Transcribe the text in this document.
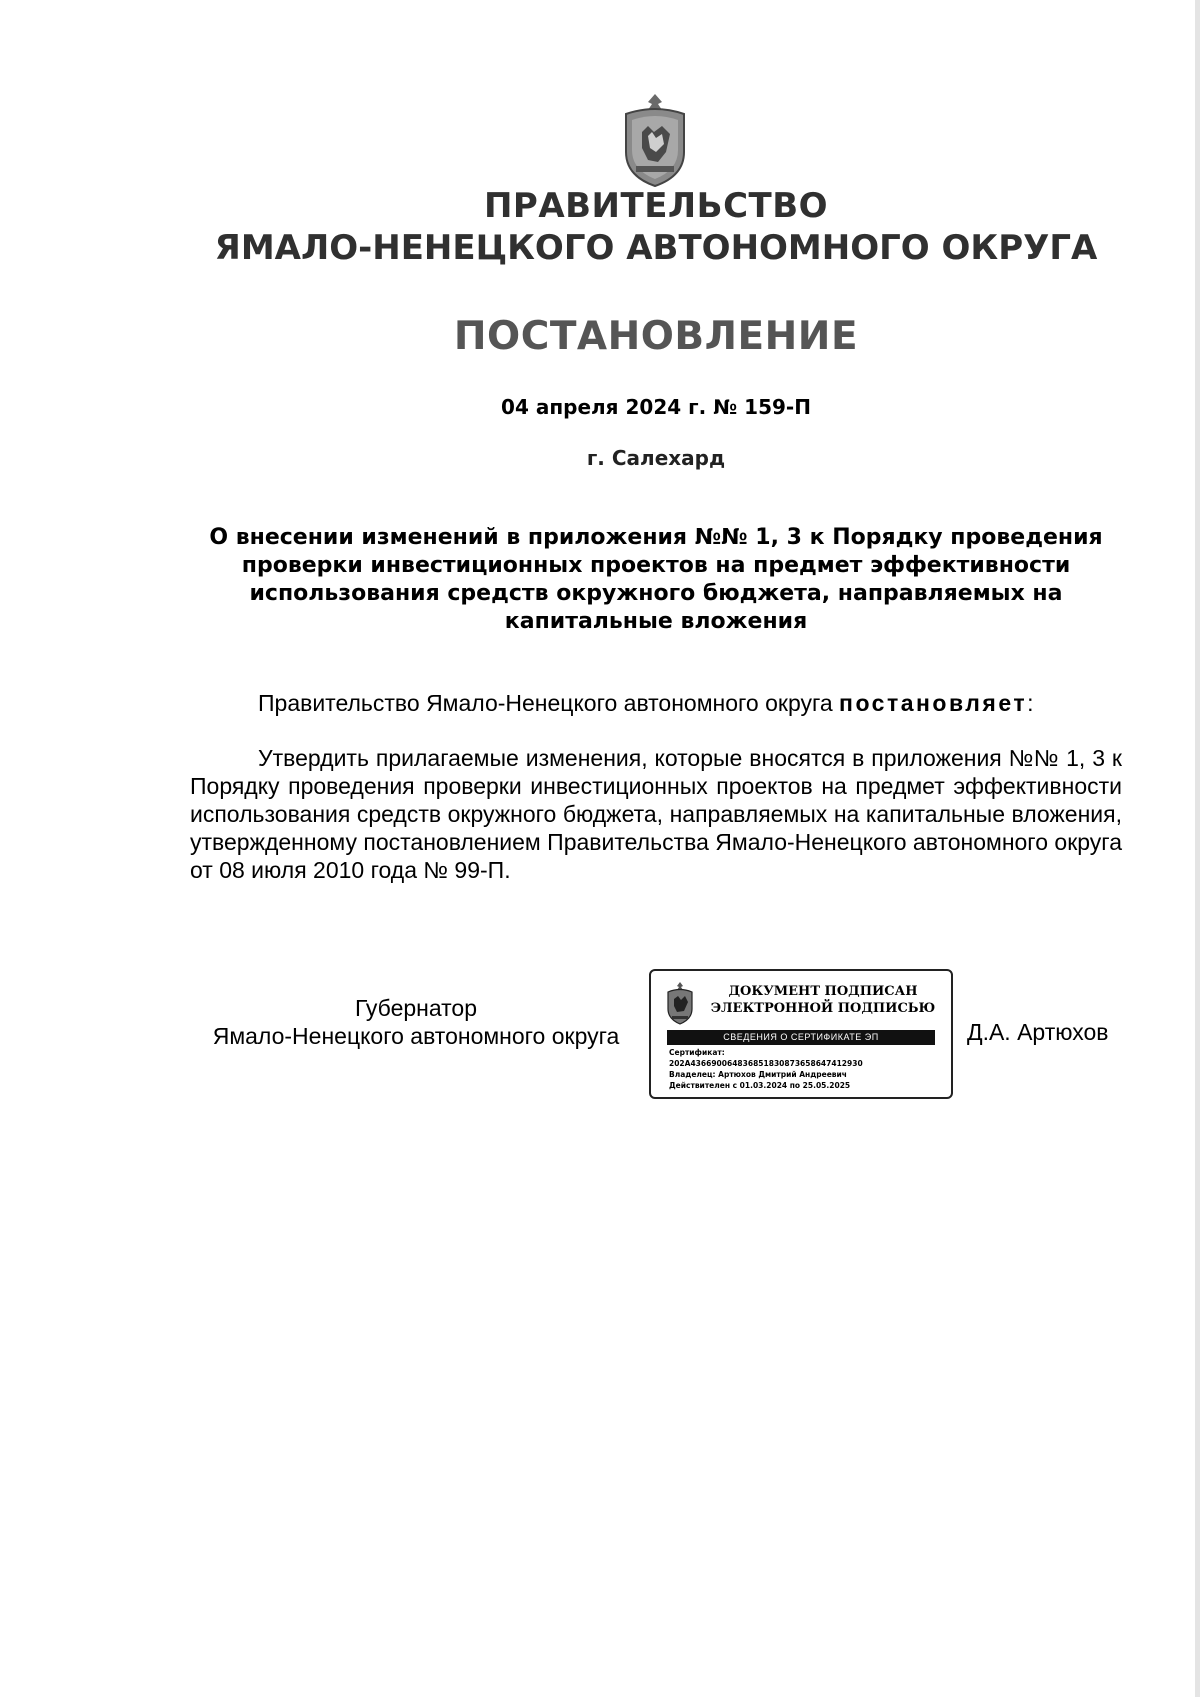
ПРАВИТЕЛЬСТВО
ЯМАЛО-НЕНЕЦКОГО АВТОНОМНОГО ОКРУГА
ПОСТАНОВЛЕНИЕ
04 апреля 2024 г. № 159-П
г. Салехард
О внесении изменений в приложения №№ 1, 3 к Порядку проведения проверки инвестиционных проектов на предмет эффективности использования средств окружного бюджета, направляемых на капитальные вложения
Правительство Ямало-Ненецкого автономного округа постановляет:

Утвердить прилагаемые изменения, которые вносятся в приложения №№ 1, 3 к Порядку проведения проверки инвестиционных проектов на предмет эффективности использования средств окружного бюджета, направляемых на капитальные вложения, утвержденному постановлением Правительства Ямало-Ненецкого автономного округа от 08 июля 2010 года № 99-П.

Губернатор
Ямало-Ненецкого автономного округа
ДОКУМЕНТ ПОДПИСАН ЭЛЕКТРОННОЙ ПОДПИСЬЮ
СВЕДЕНИЯ О СЕРТИФИКАТЕ ЭП
Сертификат:
202A436690064836851830873658647412930
Владелец: Артюхов Дмитрий Андреевич
Действителен с 01.03.2024 по 25.05.2025
Д.А. Артюхов
